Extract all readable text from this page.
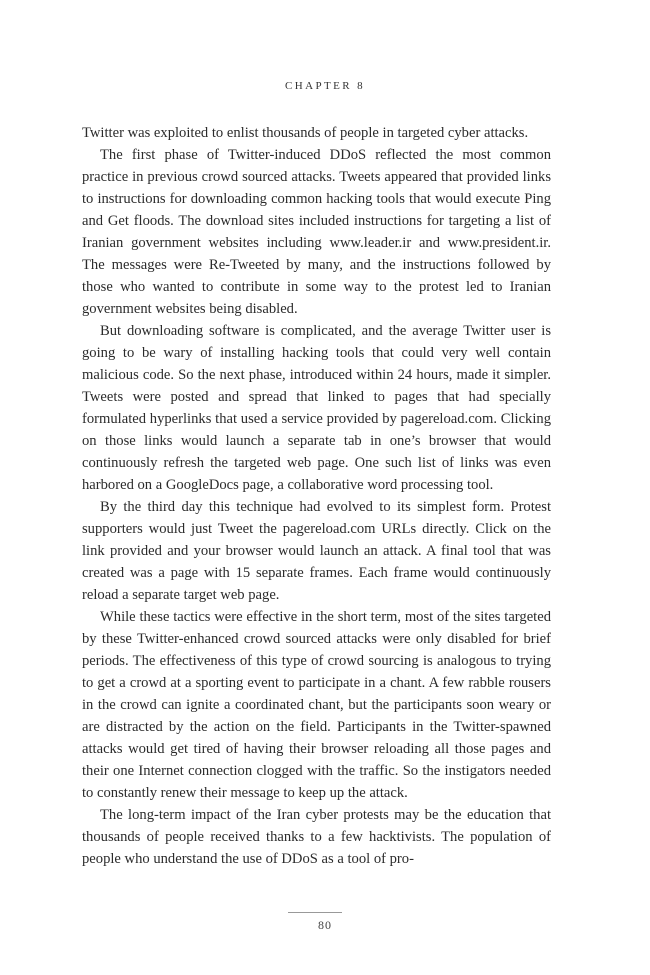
CHAPTER 8

Twitter was exploited to enlist thousands of people in targeted cyber attacks.

The first phase of Twitter-induced DDoS reflected the most common practice in previous crowd sourced attacks. Tweets appeared that provided links to instructions for downloading common hacking tools that would execute Ping and Get floods. The download sites included instructions for targeting a list of Iranian government websites including www.leader.ir and www.president.ir. The messages were Re-Tweeted by many, and the instructions followed by those who wanted to contribute in some way to the protest led to Iranian government websites being disabled.

But downloading software is complicated, and the average Twitter user is going to be wary of installing hacking tools that could very well contain malicious code. So the next phase, introduced within 24 hours, made it simpler. Tweets were posted and spread that linked to pages that had specially formulated hyperlinks that used a service provided by pagereload.com. Clicking on those links would launch a separate tab in one’s browser that would continuously refresh the targeted web page. One such list of links was even harbored on a GoogleDocs page, a collaborative word processing tool.

By the third day this technique had evolved to its simplest form. Protest supporters would just Tweet the pagereload.com URLs directly. Click on the link provided and your browser would launch an attack. A final tool that was created was a page with 15 separate frames. Each frame would continuously reload a separate target web page.

While these tactics were effective in the short term, most of the sites targeted by these Twitter-enhanced crowd sourced attacks were only disabled for brief periods. The effectiveness of this type of crowd sourcing is analogous to trying to get a crowd at a sporting event to participate in a chant. A few rabble rousers in the crowd can ignite a coordinated chant, but the participants soon weary or are distracted by the action on the field. Participants in the Twitter-spawned attacks would get tired of having their browser reloading all those pages and their one Internet connection clogged with the traffic. So the instigators needed to constantly renew their message to keep up the attack.

The long-term impact of the Iran cyber protests may be the education that thousands of people received thanks to a few hacktivists. The population of people who understand the use of DDoS as a tool of pro-

80
